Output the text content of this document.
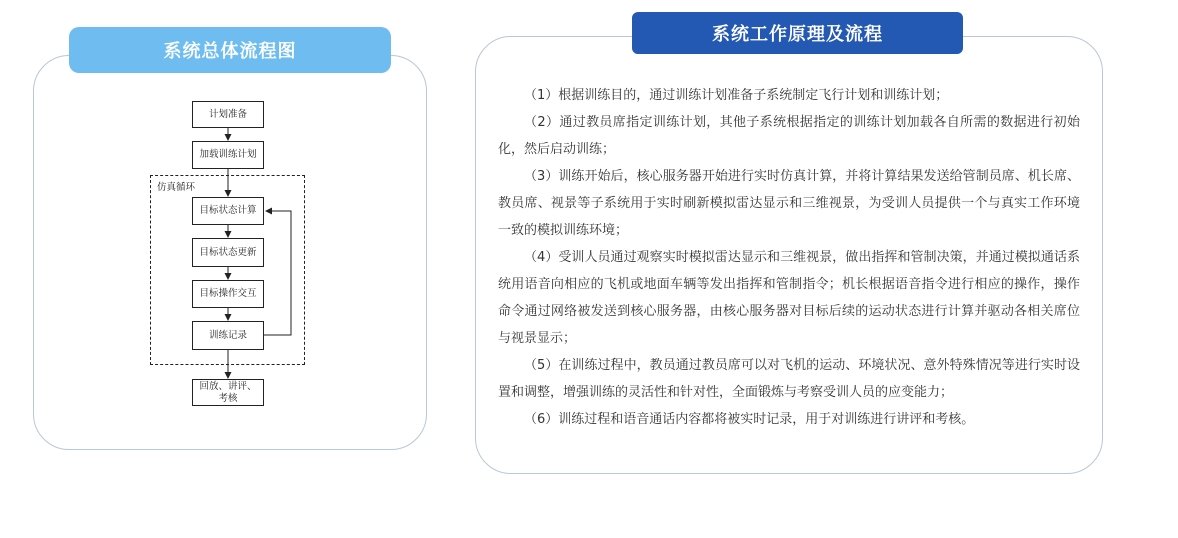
系统总体流程图
仿真循环
计划准备
加载训练计划
目标状态计算
目标状态更新
目标操作交互
训练记录
回放、讲评、
考核
系统工作原理及流程
（1）根据训练目的，通过训练计划准备子系统制定飞行计划和训练计划；
（2）通过教员席指定训练计划，其他子系统根据指定的训练计划加载各自所需的数据进行初始化，然后启动训练；
（3）训练开始后，核心服务器开始进行实时仿真计算，并将计算结果发送给管制员席、机长席、教员席、视景等子系统用于实时刷新模拟雷达显示和三维视景，为受训人员提供一个与真实工作环境一致的模拟训练环境；
（4）受训人员通过观察实时模拟雷达显示和三维视景，做出指挥和管制决策，并通过模拟通话系统用语音向相应的飞机或地面车辆等发出指挥和管制指令；机长根据语音指令进行相应的操作，操作命令通过网络被发送到核心服务器，由核心服务器对目标后续的运动状态进行计算并驱动各相关席位与视景显示；
（5）在训练过程中，教员通过教员席可以对飞机的运动、环境状况、意外特殊情况等进行实时设置和调整，增强训练的灵活性和针对性，全面锻炼与考察受训人员的应变能力；
（6）训练过程和语音通话内容都将被实时记录，用于对训练进行讲评和考核。
